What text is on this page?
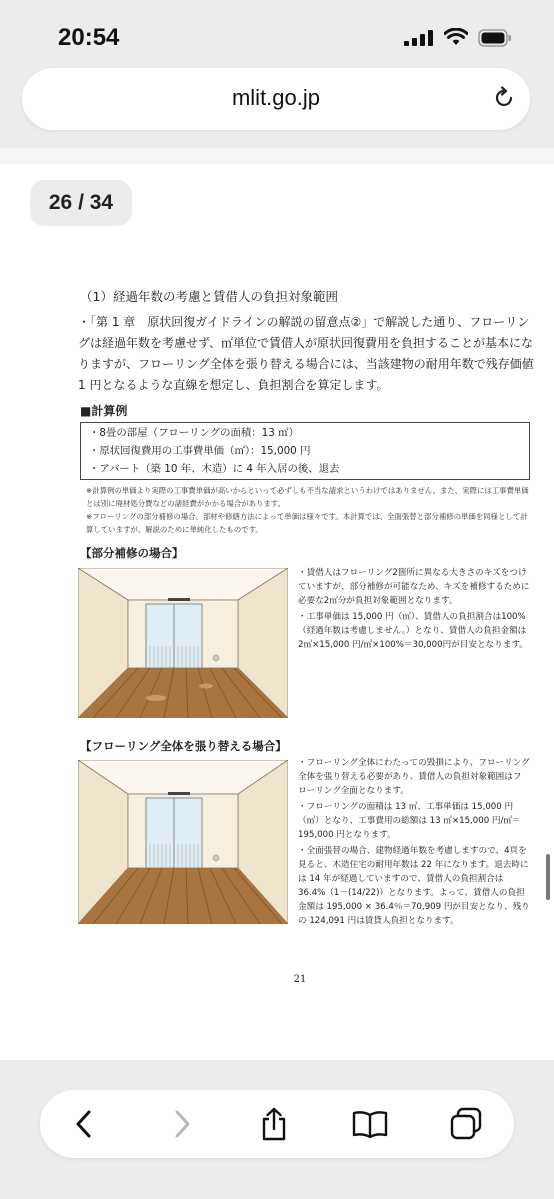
20:54
mlit.go.jp
26 / 34
（1）経過年数の考慮と賃借人の負担対象範囲
・「第 1 章　原状回復ガイドラインの解説の留意点②」で解説した通り、フローリングは経過年数を考慮せず、㎡単位で賃借人が原状回復費用を負担することが基本になりますが、フローリング全体を張り替える場合には、当該建物の耐用年数で残存価値 1 円となるような直線を想定し、負担割合を算定します。
■計算例
・8畳の部屋（フローリングの面積：13 ㎡）
・原状回復費用の工事費単価（㎡）：15,000 円
・アパート（築 10 年、木造）に 4 年入居の後、退去
※計算例の単価より実際の工事費単価が高いからといって必ずしも不当な請求というわけではありません。また、実際には工事費単価とは別に廃材処分費などの諸経費がかかる場合があります。
※フローリングの部分補修の場合、部材や修繕方法によって単価は様々です。本計算では、全面張替と部分補修の単価を同様として計算していますが、解説のために単純化したものです。
【部分補修の場合】

・賃借人はフローリング2箇所に異なる大きさのキズをつけていますが、部分補修が可能なため、キズを補修するために必要な2㎡分が負担対象範囲となります。

・工事単価は 15,000 円（㎡）、賃借人の負担割合は100%（経過年数は考慮しません。）となり、賃借人の負担金額は2㎡×15,000 円/㎡×100%＝30,000円が目安となります。

【フローリング全体を張り替える場合】

・フローリング全体にわたっての毀損により、フローリング全体を張り替える必要があり、賃借人の負担対象範囲はフローリング全面となります。

・フローリングの面積は 13 ㎡、工事単価は 15,000 円（㎡）となり、工事費用の総額は 13 ㎡×15,000 円/㎡＝195,000 円となります。

・全面張替の場合、建物経過年数を考慮しますので、4頁を見ると、木造住宅の耐用年数は 22 年になります。退去時には 14 年が経過していますので、賃借人の負担割合は 36.4%（1－(14/22)）となります。よって、賃借人の負担金額は 195,000 × 36.4％＝70,909 円が目安となり、残りの 124,091 円は賃貸人負担となります。

21
